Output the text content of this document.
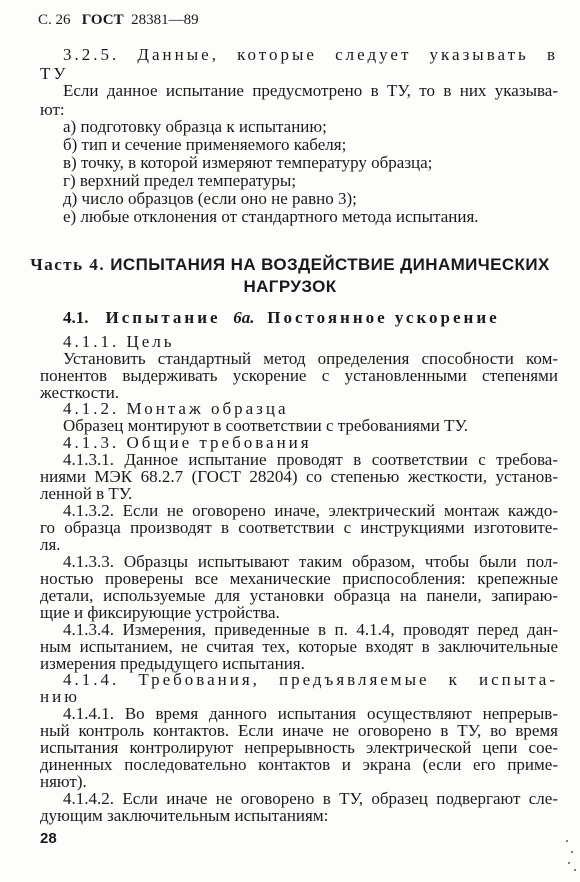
С. 26 ГОСТ 28381—89
3.2.5. Данные, которые следует указывать в
ТУ
Если данное испытание предусмотрено в ТУ, то в них указыва-
ют:
а) подготовку образца к испытанию;
б) тип и сечение применяемого кабеля;
в) точку, в которой измеряют температуру образца;
г) верхний предел температуры;
д) число образцов (если оно не равно 3);
е) любые отклонения от стандартного метода испытания.
Часть 4. ИСПЫТАНИЯ НА ВОЗДЕЙСТВИЕ ДИНАМИЧЕСКИХ
НАГРУЗОК
4.1. Испытание 6а. Постоянное ускорение
4.1.1. Цель
Установить стандартный метод определения способности ком-
понентов выдерживать ускорение с установленными степенями
жесткости.
4.1.2. Монтаж образца
Образец монтируют в соответствии с требованиями ТУ.
4.1.3. Общие требования
4.1.3.1. Данное испытание проводят в соответствии с требова-
ниями МЭК 68.2.7 (ГОСТ 28204) со степенью жесткости, установ-
ленной в ТУ.
4.1.3.2. Если не оговорено иначе, электрический монтаж каждо-
го образца производят в соответствии с инструкциями изготовите-
ля.
4.1.3.3. Образцы испытывают таким образом, чтобы были пол-
ностью проверены все механические приспособления: крепежные
детали, используемые для установки образца на панели, запираю-
щие и фиксирующие устройства.
4.1.3.4. Измерения, приведенные в п. 4.1.4, проводят перед дан-
ным испытанием, не считая тех, которые входят в заключительные
измерения предыдущего испытания.
4.1.4. Требования, предъявляемые к испыта-
нию
4.1.4.1. Во время данного испытания осуществляют непрерыв-
ный контроль контактов. Если иначе не оговорено в ТУ, во время
испытания контролируют непрерывность электрической цепи сое-
диненных последовательно контактов и экрана (если его приме-
няют).
4.1.4.2. Если иначе не оговорено в ТУ, образец подвергают сле-
дующим заключительным испытаниям:
28
